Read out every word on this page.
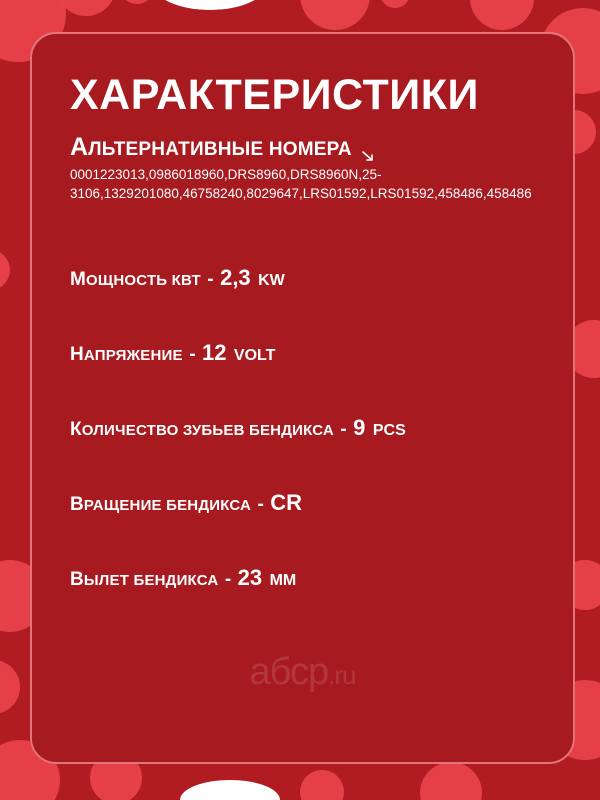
ХАРАКТЕРИСТИКИ
АЛЬТЕРНАТИВНЫЕ НОМЕРА
0001223013,0986018960,DRS8960,DRS8960N,25-3106,1329201080,46758240,8029647,LRS01592,LRS01592,458486,458486
МОЩНОСТЬ КВТ - 2,3 KW
НАПРЯЖЕНИЕ - 12 VOLT
КОЛИЧЕСТВО ЗУБЬЕВ БЕНДИКСА - 9 PCS
ВРАЩЕНИЕ БЕНДИКСА - CR
ВЫЛЕТ БЕНДИКСА - 23 ММ
абср.ru
